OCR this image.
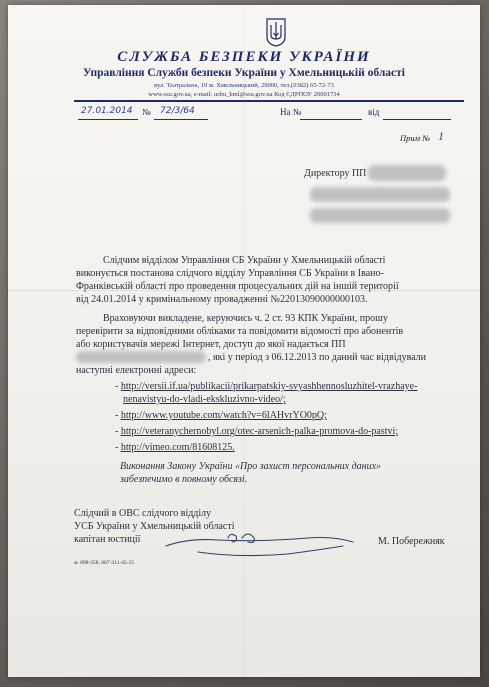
СЛУЖБА БЕЗПЕКИ УКРАЇНИ
Управління Служби безпеки України у Хмельницькій області
вул. Театральна, 19 м. Хмельницький, 29000, тел.(0382) 65-72-73
www.ssu.gov.ua, e-mail: usbu_hml@ssu.gov.ua Код ЄДРПОУ 20001734
27.01.2014 № 72/3/64	На №	від
Прим № 1
Директору ПП
Слідчим відділом Управління СБ України у Хмельницькій області
виконується постанова слідчого відділу Управління СБ України в Івано-
Франківській області про проведення процесуальних дій на іншій території
від 24.01.2014 у кримінальному провадженні №22013090000000103.
Враховуючи викладене, керуючись ч. 2 ст. 93 КПК України, прошу
перевірити за відповідними обліками та повідомити відомості про абонентів
або користувачів мережі Інтернет, доступ до якої надається ПП
, які у період з 06.12.2013 по даний час відвідували
наступні електронні адреси:
- http://versii.if.ua/publikacii/prikarpatskiy-svyashhennosluzhitel-vrazhaye-
nenavistyu-do-vladi-ekskluzivno-video/;
- http://www.youtube.com/watch?v=6lAHvrYO0pQ;
- http://veteranychernobyl.org/otec-arsenich-palka-promova-do-pastvi;
- http://vimeo.com/81608125.
Виконання Закону України «Про захист персональних даних»
забезпечимо в повному обсязі.
Слідчий в ОВС слідчого відділу
УСБ України у Хмельницькій області
капітан юстиції	М. Побережняк
м. 098-358, 067-311-45-15
